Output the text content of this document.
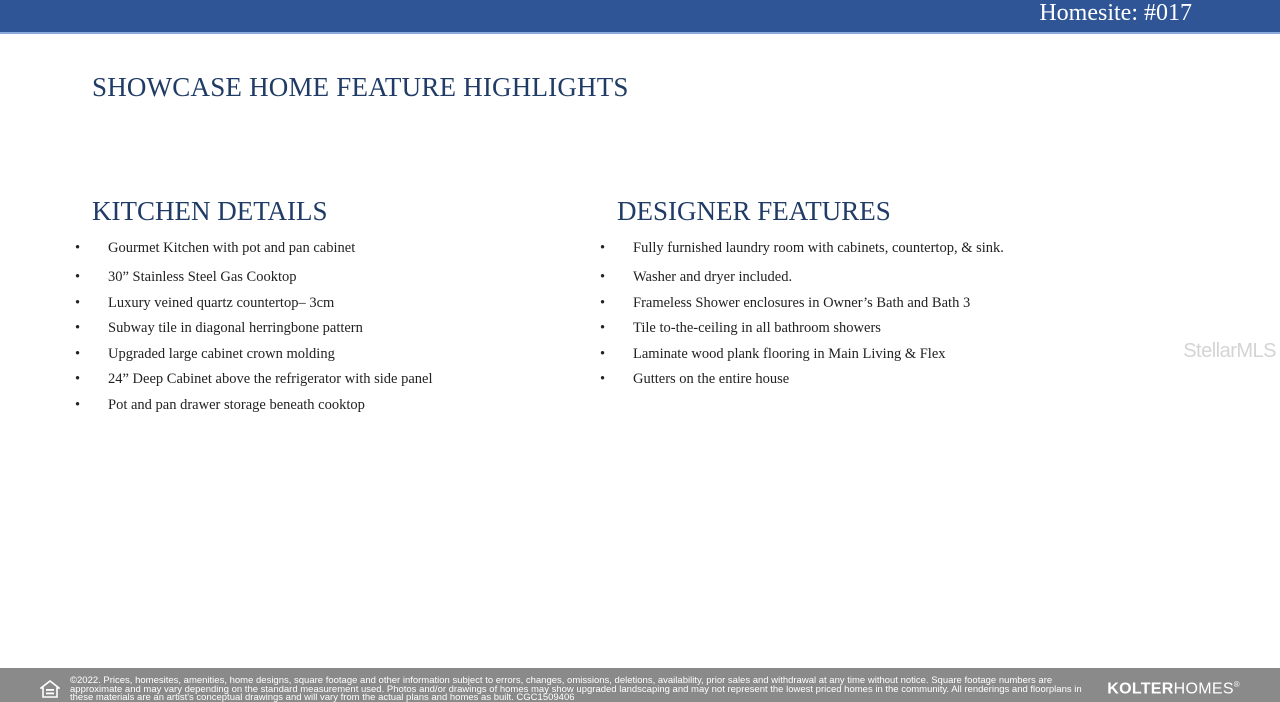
Homesite: #017
SHOWCASE HOME FEATURE HIGHLIGHTS
KITCHEN DETAILS
• Gourmet Kitchen with pot and pan cabinet
• 30” Stainless Steel Gas Cooktop
• Luxury veined quartz countertop– 3cm
• Subway tile in diagonal herringbone pattern
• Upgraded large cabinet crown molding
• 24” Deep Cabinet above the refrigerator with side panel
• Pot and pan drawer storage beneath cooktop
DESIGNER FEATURES
• Fully furnished laundry room with cabinets, countertop, & sink.
• Washer and dryer included.
• Frameless Shower enclosures in Owner’s Bath and Bath 3
• Tile to-the-ceiling in all bathroom showers
• Laminate wood plank flooring in Main Living & Flex
• Gutters on the entire house
StellarMLS
©2022. Prices, homesites, amenities, home designs, square footage and other information subject to errors, changes, omissions, deletions, availability, prior sales and withdrawal at any time without notice. Square footage numbers are approximate and may vary depending on the standard measurement used. Photos and/or drawings of homes may show upgraded landscaping and may not represent the lowest priced homes in the community. All renderings and floorplans in these materials are an artist's conceptual drawings and will vary from the actual plans and homes as built. CGC1509406
KOLTERHOMES®
